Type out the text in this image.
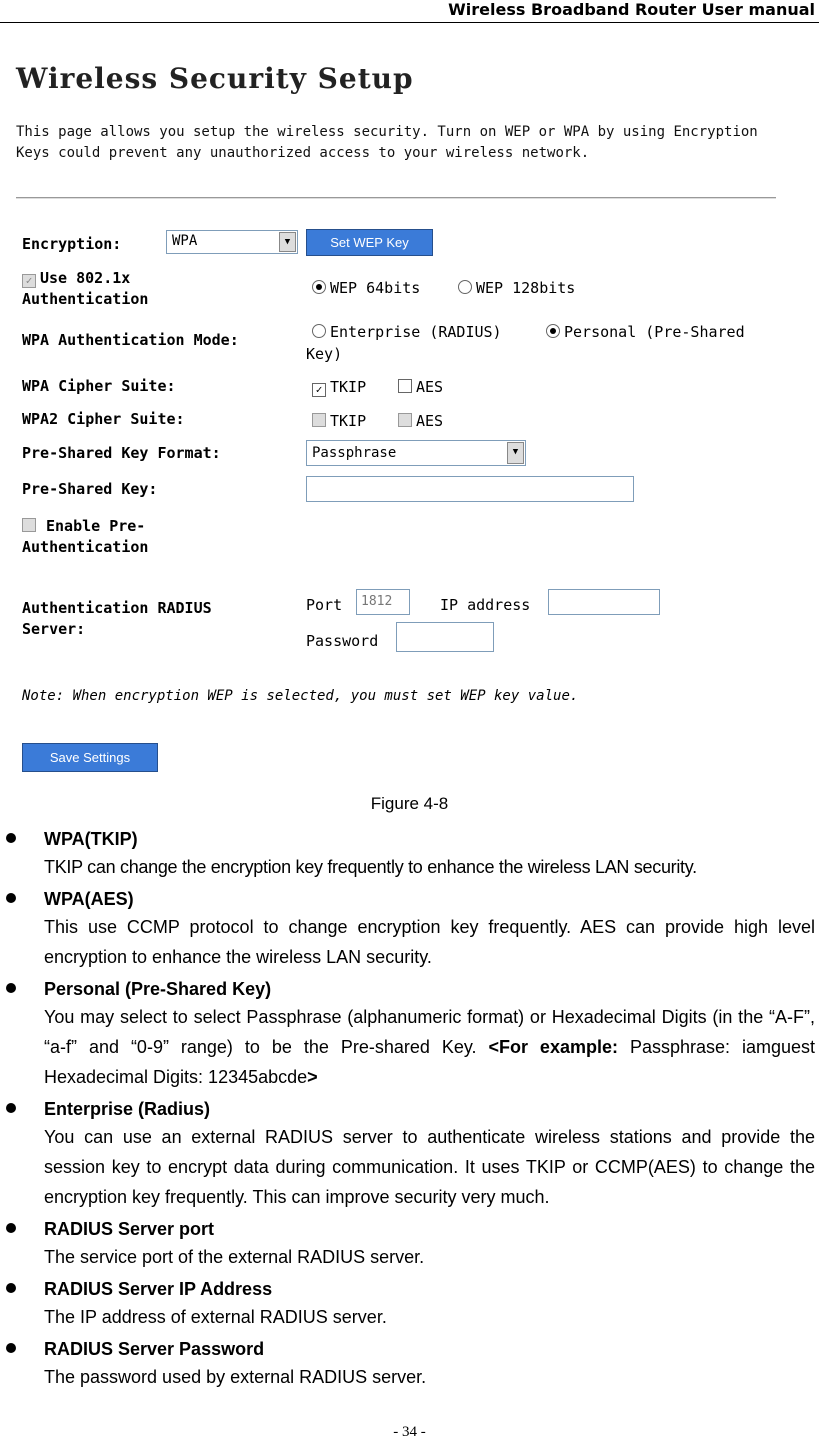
Wireless Broadband Router User manual
Wireless Security Setup
This page allows you setup the wireless security. Turn on WEP or WPA by using Encryption Keys could prevent any unauthorized access to your wireless network.
Encryption:	WPA	▼	Set WEP Key
✓ Use 802.1x
Authentication
WEP 64bits	WEP 128bits
WPA Authentication Mode:	Enterprise (RADIUS)	Personal (Pre-Shared
Key)
WPA Cipher Suite:	✓ TKIP	AES
WPA2 Cipher Suite:	TKIP	AES
Pre-Shared Key Format:	Passphrase	▼
Pre-Shared Key:
Enable Pre-
Authentication
Authentication RADIUS
Server:
Port	1812	IP address
Password
Note: When encryption WEP is selected, you must set WEP key value.
Save Settings
Figure 4-8
WPA(TKIP)
TKIP can change the encryption key frequently to enhance the wireless LAN security.
WPA(AES)
This use CCMP protocol to change encryption key frequently. AES can provide high level encryption to enhance the wireless LAN security.
Personal (Pre-Shared Key)
You may select to select Passphrase (alphanumeric format) or Hexadecimal Digits (in the “A-F”, “a-f” and “0-9” range) to be the Pre-shared Key. <For example: Passphrase: iamguest Hexadecimal Digits: 12345abcde>
Enterprise (Radius)
You can use an external RADIUS server to authenticate wireless stations and provide the session key to encrypt data during communication. It uses TKIP or CCMP(AES) to change the encryption key frequently. This can improve security very much.
RADIUS Server port
The service port of the external RADIUS server.
RADIUS Server IP Address
The IP address of external RADIUS server.
RADIUS Server Password
The password used by external RADIUS server.
- 34 -
